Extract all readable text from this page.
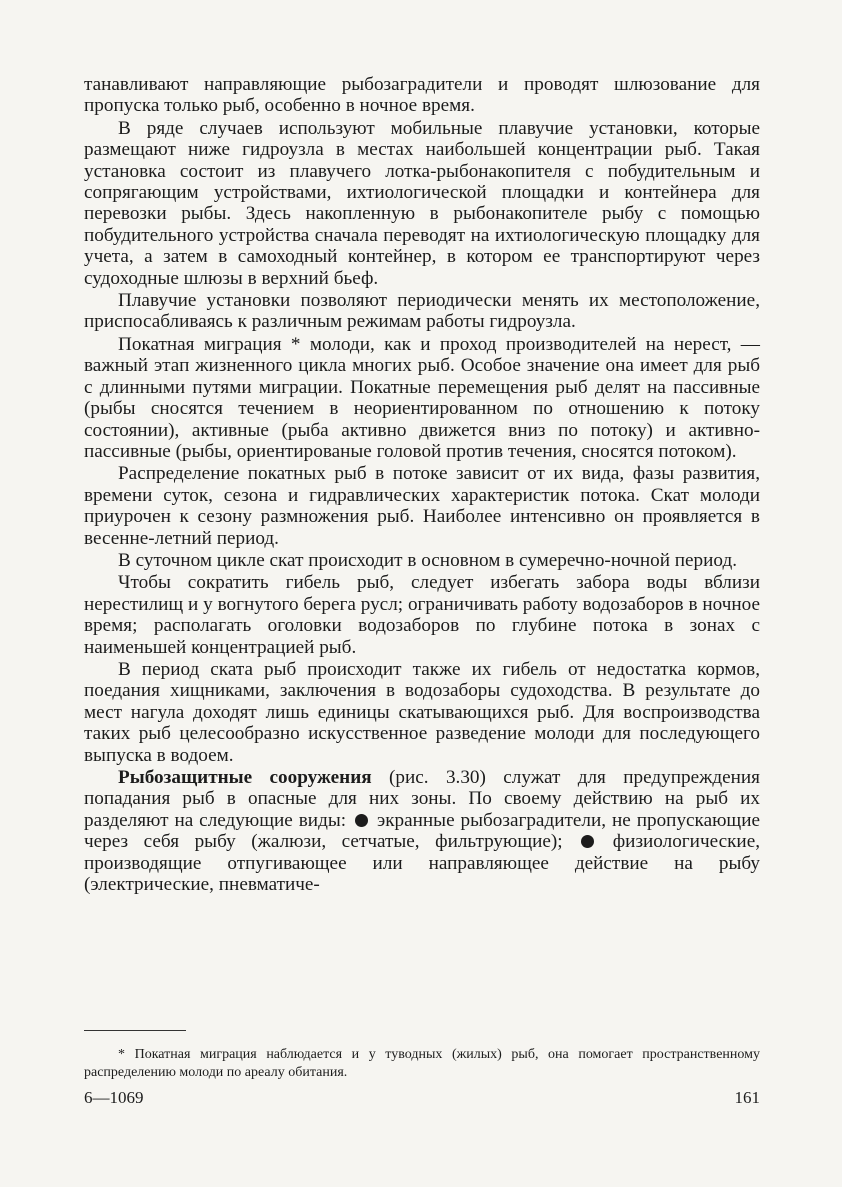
танавливают направляющие рыбозаградители и проводят шлюзование для пропуска только рыб, особенно в ночное время.

В ряде случаев используют мобильные плавучие установки, которые размещают ниже гидроузла в местах наибольшей концентрации рыб. Такая установка состоит из плавучего лотка-рыбонакопителя с побудительным и сопрягающим устройствами, ихтиологической площадки и контейнера для перевозки рыбы. Здесь накопленную в рыбонакопителе рыбу с помощью побудительного устройства сначала переводят на ихтиологическую площадку для учета, а затем в самоходный контейнер, в котором ее транспортируют через судоходные шлюзы в верхний бьеф.

Плавучие установки позволяют периодически менять их местоположение, приспосабливаясь к различным режимам работы гидроузла.

Покатная миграция * молоди, как и проход производителей на нерест, — важный этап жизненного цикла многих рыб. Особое значение она имеет для рыб с длинными путями миграции. Покатные перемещения рыб делят на пассивные (рыбы сносятся течением в неориентированном по отношению к потоку состоянии), активные (рыба активно движется вниз по потоку) и активно-пассивные (рыбы, ориентированые головой против течения, сносятся потоком).

Распределение покатных рыб в потоке зависит от их вида, фазы развития, времени суток, сезона и гидравлических характеристик потока. Скат молоди приурочен к сезону размножения рыб. Наиболее интенсивно он проявляется в весенне-летний период.

В суточном цикле скат происходит в основном в сумеречно-ночной период.

Чтобы сократить гибель рыб, следует избегать забора воды вблизи нерестилищ и у вогнутого берега русл; ограничивать работу водозаборов в ночное время; располагать оголовки водозаборов по глубине потока в зонах с наименьшей концентрацией рыб.

В период ската рыб происходит также их гибель от недостатка кормов, поедания хищниками, заключения в водозаборы судоходства. В результате до мест нагула доходят лишь единицы скатывающихся рыб. Для воспроизводства таких рыб целесообразно искусственное разведение молоди для последующего выпуска в водоем.

Рыбозащитные сооружения (рис. 3.30) служат для предупреждения попадания рыб в опасные для них зоны. По своему действию на рыб их разделяют на следующие виды:  экранные рыбозаградители, не пропускающие через себя рыбу (жалюзи, сетчатые, фильтрующие);  физиологические, производящие отпугивающее или направляющее действие на рыбу (электрические, пневматиче-

* Покатная миграция наблюдается и у туводных (жилых) рыб, она помогает пространственному распределению молоди по ареалу обитания.
6—1069	161
